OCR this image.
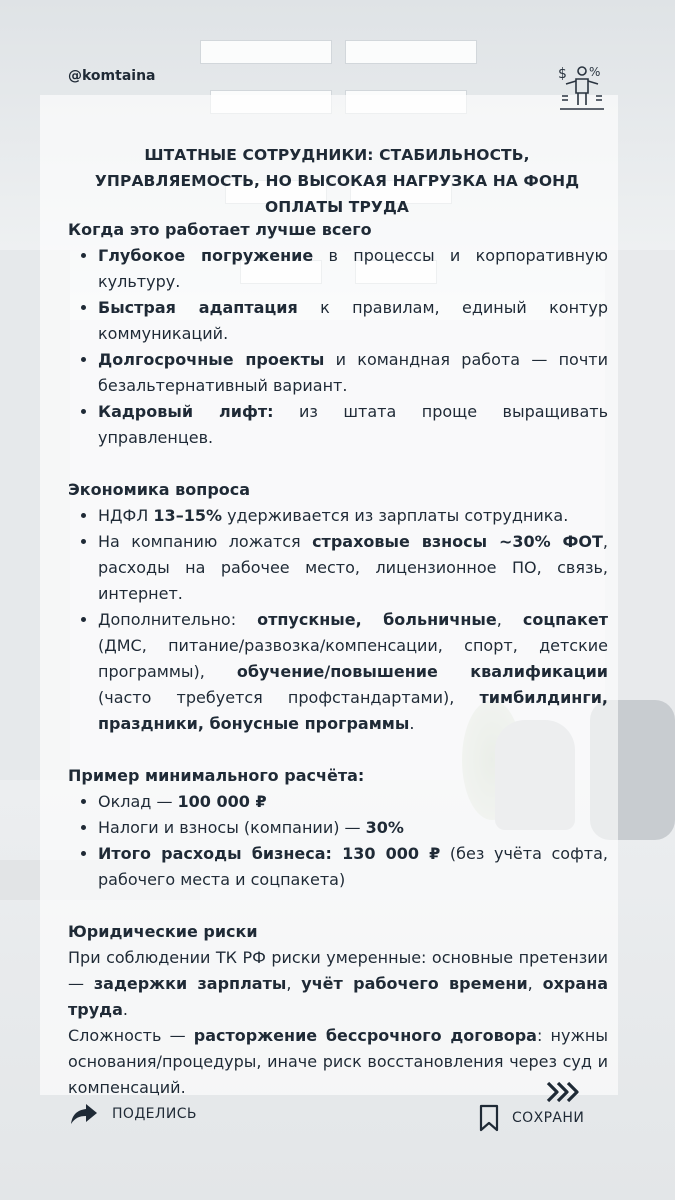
@komtaina	$ %
ШТАТНЫЕ СОТРУДНИКИ: СТАБИЛЬНОСТЬ, УПРАВЛЯЕМОСТЬ, НО ВЫСОКАЯ НАГРУЗКА НА ФОНД ОПЛАТЫ ТРУДА
Когда это работает лучше всего
• Глубокое погружение в процессы и корпоративную культуру.
• Быстрая адаптация к правилам, единый контур коммуникаций.
• Долгосрочные проекты и командная работа — почти безальтернативный вариант.
• Кадровый лифт: из штата проще выращивать управленцев.
Экономика вопроса
• НДФЛ 13–15% удерживается из зарплаты сотрудника.
• На компанию ложатся страховые взносы ~30% ФОТ, расходы на рабочее место, лицензионное ПО, связь, интернет.
• Дополнительно: отпускные, больничные, соцпакет (ДМС, питание/развозка/компенсации, спорт, детские программы), обучение/повышение квалификации (часто требуется профстандартами), тимбилдинги, праздники, бонусные программы.
Пример минимального расчёта:
• Оклад — 100 000 ₽
• Налоги и взносы (компании) — 30%
• Итого расходы бизнеса: 130 000 ₽ (без учёта софта, рабочего места и соцпакета)
Юридические риски

При соблюдении ТК РФ риски умеренные: основные претензии — задержки зарплаты, учёт рабочего времени, охрана труда.

Сложность — расторжение бессрочного договора: нужны основания/процедуры, иначе риск восстановления через суд и компенсаций.

ПОДЕЛИСЬ	СОХРАНИ
